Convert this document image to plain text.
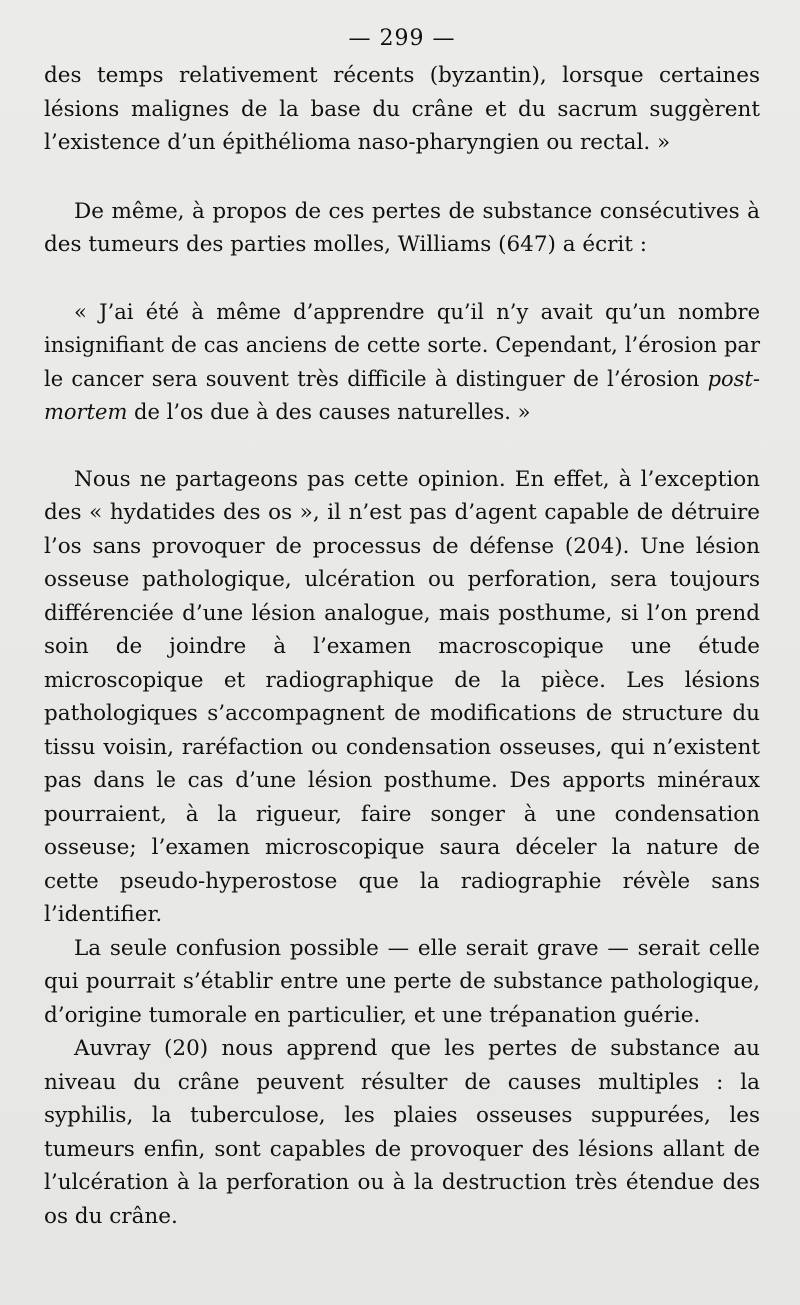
— 299 —

des temps relativement récents (byzantin), lorsque certaines lésions malignes de la base du crâne et du sacrum suggèrent l’existence d’un épithélioma naso-pharyngien ou rectal. »

De même, à propos de ces pertes de substance consécutives à des tumeurs des parties molles, Williams (647) a écrit :

« J’ai été à même d’apprendre qu’il n’y avait qu’un nombre insignifiant de cas anciens de cette sorte. Cependant, l’érosion par le cancer sera souvent très difficile à distinguer de l’érosion post-mortem de l’os due à des causes naturelles. »

Nous ne partageons pas cette opinion. En effet, à l’exception des « hydatides des os », il n’est pas d’agent capable de détruire l’os sans provoquer de processus de défense (204). Une lésion osseuse pathologique, ulcération ou perforation, sera toujours différenciée d’une lésion analogue, mais posthume, si l’on prend soin de joindre à l’examen macroscopique une étude microscopique et radiographique de la pièce. Les lésions pathologiques s’accompagnent de modifications de structure du tissu voisin, raréfaction ou condensation osseuses, qui n’existent pas dans le cas d’une lésion posthume. Des apports minéraux pourraient, à la rigueur, faire songer à une condensation osseuse; l’examen microscopique saura déceler la nature de cette pseudo-hyperostose que la radiographie révèle sans l’identifier.

La seule confusion possible — elle serait grave — serait celle qui pourrait s’établir entre une perte de substance pathologique, d’origine tumorale en particulier, et une trépanation guérie.

Auvray (20) nous apprend que les pertes de substance au niveau du crâne peuvent résulter de causes multiples : la syphilis, la tuberculose, les plaies osseuses suppurées, les tumeurs enfin, sont capables de provoquer des lésions allant de l’ulcération à la perforation ou à la destruction très étendue des os du crâne.
